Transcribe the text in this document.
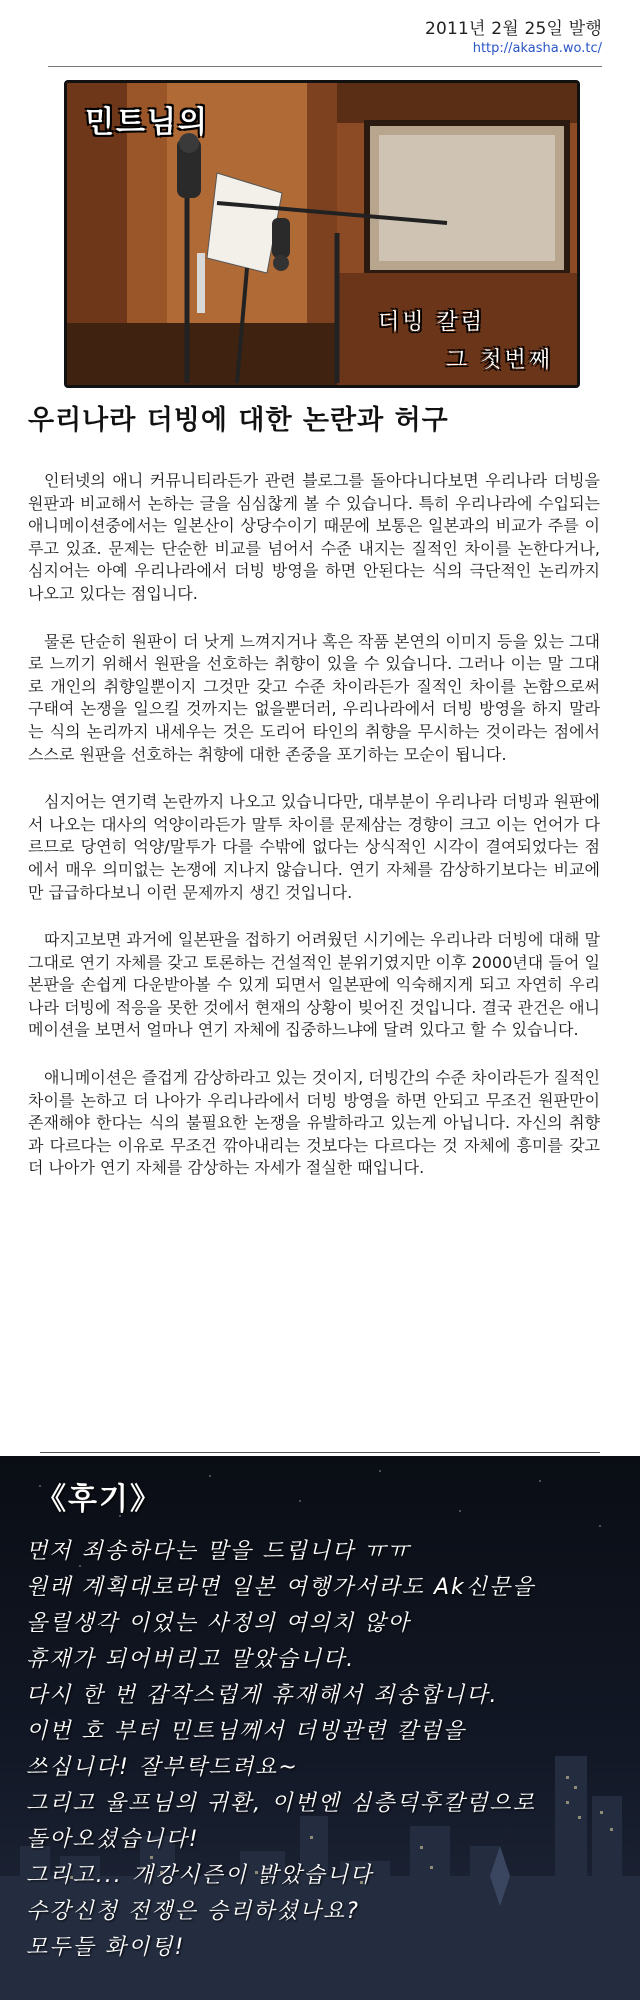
2011년 2월 25일 발행
http://akasha.wo.tc/
민트님의
더빙 칼럼
그 첫번째
우리나라 더빙에 대한 논란과 허구

인터넷의 애니 커뮤니티라든가 관련 블로그를 돌아다니다보면 우리나라 더빙을 원판과 비교해서 논하는 글을 심심찮게 볼 수 있습니다. 특히 우리나라에 수입되는 애니메이션중에서는 일본산이 상당수이기 때문에 보통은 일본과의 비교가 주를 이루고 있죠. 문제는 단순한 비교를 넘어서 수준 내지는 질적인 차이를 논한다거나, 심지어는 아예 우리나라에서 더빙 방영을 하면 안된다는 식의 극단적인 논리까지 나오고 있다는 점입니다.

물론 단순히 원판이 더 낫게 느껴지거나 혹은 작품 본연의 이미지 등을 있는 그대로 느끼기 위해서 원판을 선호하는 취향이 있을 수 있습니다. 그러나 이는 말 그대로 개인의 취향일뿐이지 그것만 갖고 수준 차이라든가 질적인 차이를 논함으로써 구태여 논쟁을 일으킬 것까지는 없을뿐더러, 우리나라에서 더빙 방영을 하지 말라는 식의 논리까지 내세우는 것은 도리어 타인의 취향을 무시하는 것이라는 점에서 스스로 원판을 선호하는 취향에 대한 존중을 포기하는 모순이 됩니다.

심지어는 연기력 논란까지 나오고 있습니다만, 대부분이 우리나라 더빙과 원판에서 나오는 대사의 억양이라든가 말투 차이를 문제삼는 경향이 크고 이는 언어가 다르므로 당연히 억양/말투가 다를 수밖에 없다는 상식적인 시각이 결여되었다는 점에서 매우 의미없는 논쟁에 지나지 않습니다. 연기 자체를 감상하기보다는 비교에만 급급하다보니 이런 문제까지 생긴 것입니다.

따지고보면 과거에 일본판을 접하기 어려웠던 시기에는 우리나라 더빙에 대해 말 그대로 연기 자체를 갖고 토론하는 건설적인 분위기였지만 이후 2000년대 들어 일본판을 손쉽게 다운받아볼 수 있게 되면서 일본판에 익숙해지게 되고 자연히 우리나라 더빙에 적응을 못한 것에서 현재의 상황이 빚어진 것입니다. 결국 관건은 애니메이션을 보면서 얼마나 연기 자체에 집중하느냐에 달려 있다고 할 수 있습니다.

애니메이션은 즐겁게 감상하라고 있는 것이지, 더빙간의 수준 차이라든가 질적인 차이를 논하고 더 나아가 우리나라에서 더빙 방영을 하면 안되고 무조건 원판만이 존재해야 한다는 식의 불필요한 논쟁을 유발하라고 있는게 아닙니다. 자신의 취향과 다르다는 이유로 무조건 깎아내리는 것보다는 다르다는 것 자체에 흥미를 갖고 더 나아가 연기 자체를 감상하는 자세가 절실한 때입니다.

《후기》
먼저 죄송하다는 말을 드립니다 ㅠㅠ
원래 계획대로라면 일본 여행가서라도 Ak신문을
올릴생각 이었는 사정의 여의치 않아
휴재가 되어버리고 말았습니다.
다시 한 번 갑작스럽게 휴재해서 죄송합니다.
이번 호 부터 민트님께서 더빙관련 칼럼을
쓰십니다! 잘부탁드려요~
그리고 율프님의 귀환, 이번엔 심층덕후칼럼으로
돌아오셨습니다!
그리고... 개강시즌이 밝았습니다
수강신청 전쟁은 승리하셨나요?
모두들 화이팅!
